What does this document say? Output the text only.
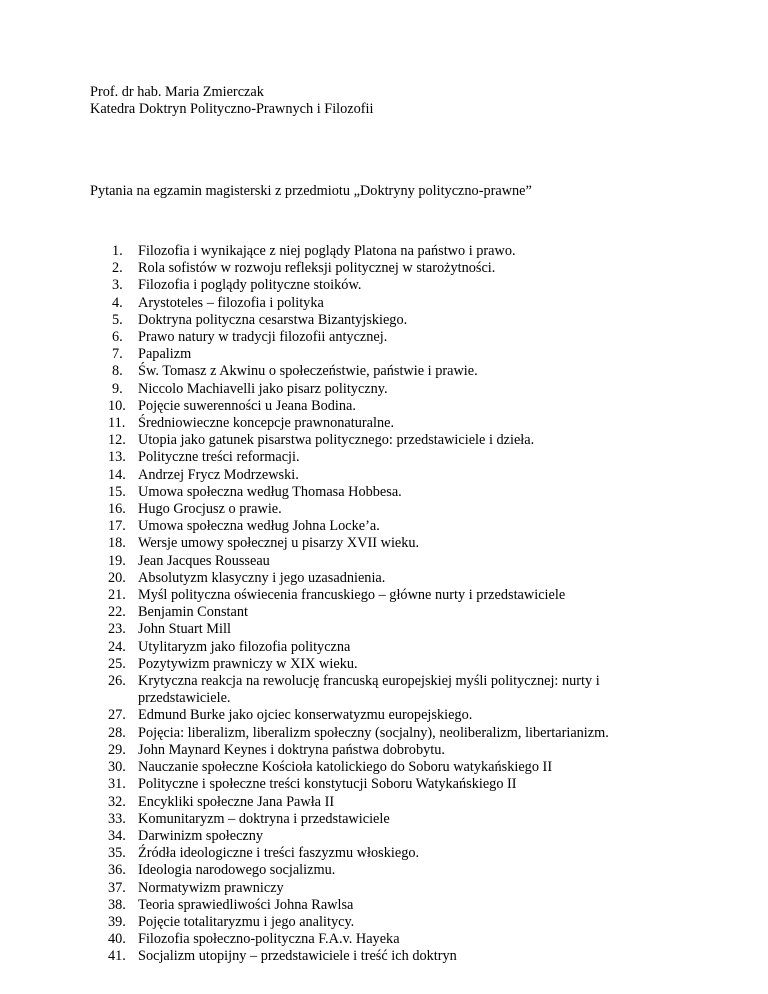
Prof. dr hab. Maria Zmierczak
Katedra Doktryn Polityczno-Prawnych i Filozofii
Pytania na egzamin magisterski z przedmiotu „Doktryny polityczno-prawne”
1.	Filozofia i wynikające z niej poglądy Platona na państwo i prawo.
2.	Rola sofistów w rozwoju refleksji politycznej w starożytności.
3.	Filozofia i poglądy polityczne stoików.
4.	Arystoteles – filozofia i polityka
5.	Doktryna polityczna cesarstwa Bizantyjskiego.
6.	Prawo natury w tradycji filozofii antycznej.
7.	Papalizm
8.	Św. Tomasz z Akwinu o społeczeństwie, państwie i prawie.
9.	Niccolo Machiavelli jako pisarz polityczny.
10. Pojęcie suwerenności u Jeana Bodina.
11. Średniowieczne koncepcje prawnonaturalne.
12. Utopia jako gatunek pisarstwa politycznego: przedstawiciele i dzieła.
13. Polityczne treści reformacji.
14. Andrzej Frycz Modrzewski.
15. Umowa społeczna według Thomasa Hobbesa.
16. Hugo Grocjusz o prawie.
17. Umowa społeczna według Johna Locke’a.
18. Wersje umowy społecznej u pisarzy XVII wieku.
19. Jean Jacques Rousseau
20. Absolutyzm klasyczny i jego uzasadnienia.
21. Myśl polityczna oświecenia francuskiego – główne nurty i przedstawiciele
22. Benjamin Constant
23. John Stuart Mill
24. Utylitaryzm jako filozofia polityczna
25. Pozytywizm prawniczy w XIX wieku.
26. Krytyczna reakcja na rewolucję francuską europejskiej myśli politycznej: nurty i przedstawiciele.
27. Edmund Burke jako ojciec konserwatyzmu europejskiego.
28. Pojęcia: liberalizm, liberalizm społeczny (socjalny), neoliberalizm, libertarianizm.
29. John Maynard Keynes i doktryna państwa dobrobytu.
30. Nauczanie społeczne Kościoła katolickiego do Soboru watykańskiego II
31. Polityczne i społeczne treści konstytucji Soboru Watykańskiego II
32. Encykliki społeczne Jana Pawła II
33. Komunitaryzm – doktryna i przedstawiciele
34. Darwinizm społeczny
35. Źródła ideologiczne i treści faszyzmu włoskiego.
36. Ideologia narodowego socjalizmu.
37. Normatywizm prawniczy
38. Teoria sprawiedliwości Johna Rawlsa
39. Pojęcie totalitaryzmu i jego analitycy.
40. Filozofia społeczno-polityczna F.A.v. Hayeka
41. Socjalizm utopijny – przedstawiciele i treść ich doktryn
